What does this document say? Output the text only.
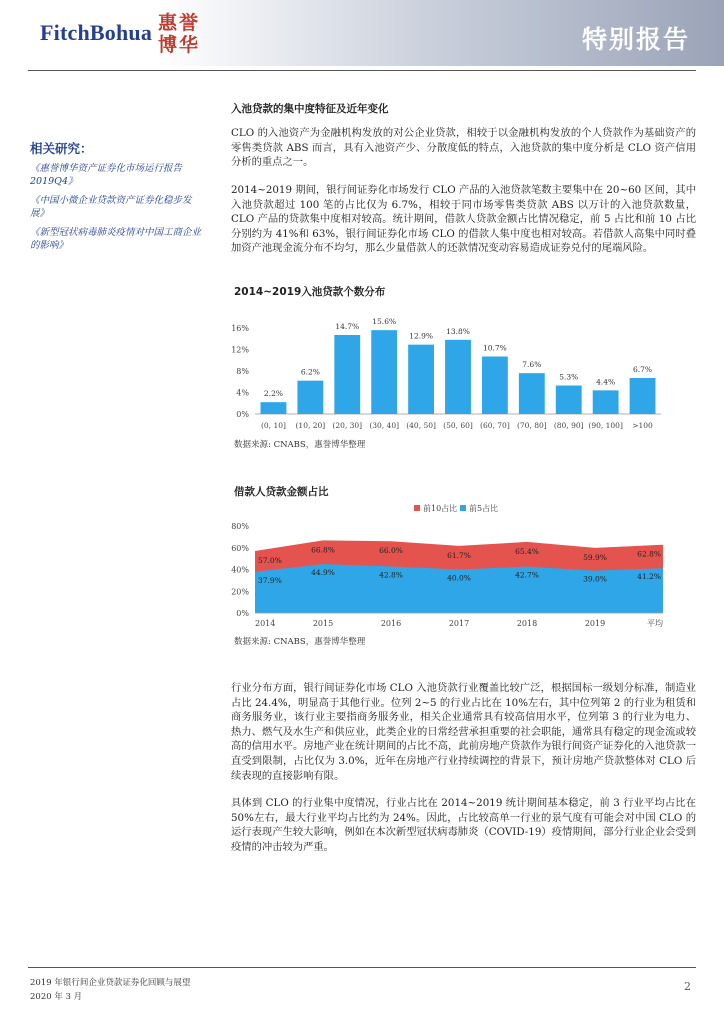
FitchBohua 惠誉
博华	特别报告
相关研究：
《惠誉博华资产证券化市场运行报告2019Q4》
《中国小微企业贷款资产证券化稳步发展》
《新型冠状病毒肺炎疫情对中国工商企业的影响》
入池贷款的集中度特征及近年变化
CLO 的入池资产为金融机构发放的对公企业贷款，相较于以金融机构发放的个人贷款作为基础资产的零售类贷款 ABS 而言，具有入池资产少、分散度低的特点，入池贷款的集中度分析是 CLO 资产信用分析的重点之一。
2014~2019 期间，银行间证券化市场发行 CLO 产品的入池贷款笔数主要集中在 20~60 区间，其中入池贷款超过 100 笔的占比仅为 6.7%，相较于同市场零售类贷款 ABS 以万计的入池贷款数量，CLO 产品的贷款集中度相对较高。统计期间，借款人贷款金额占比情况稳定，前 5 占比和前 10 占比分别约为 41%和 63%，银行间证券化市场 CLO 的借款人集中度也相对较高。若借款人高集中同时叠加资产池现金流分布不均匀，那么少量借款人的还款情况变动容易造成证券兑付的尾端风险。
2014~2019入池贷款个数分布
0%
4%
8%
12%
16%
2.2%
(0, 10]
6.2%
(10, 20]
14.7%
(20, 30]
15.6%
(30, 40]
12.9%
(40, 50]
13.8%
(50, 60]
10.7%
(60, 70]
7.6%
(70, 80]
5.3%
(80, 90]
4.4%
(90, 100]
6.7%
>100
数据来源: CNABS，惠誉博华整理
借款人贷款金额占比
前10占比 前5占比
0%
20%
40%
60%
80%
57.0%
66.8%	66.0%
61.7%	65.4%
59.9%	62.8%
37.9%
44.9%	42.8%	40.0%	42.7%	39.0%	41.2%
2014	2015	2016	2017	2018	2019	平均
数据来源: CNABS，惠誉博华整理
行业分布方面，银行间证券化市场 CLO 入池贷款行业覆盖比较广泛，根据国标一级划分标准，制造业占比 24.4%，明显高于其他行业。位列 2~5 的行业占比在 10%左右，其中位列第 2 的行业为租赁和商务服务业，该行业主要指商务服务业，相关企业通常具有较高信用水平，位列第 3 的行业为电力、热力、燃气及水生产和供应业，此类企业的日常经营承担重要的社会职能，通常具有稳定的现金流或较高的信用水平。房地产业在统计期间的占比不高，此前房地产贷款作为银行间资产证券化的入池贷款一直受到限制，占比仅为 3.0%，近年在房地产行业持续调控的背景下，预计房地产贷款整体对 CLO 后续表现的直接影响有限。
具体到 CLO 的行业集中度情况，行业占比在 2014~2019 统计期间基本稳定，前 3 行业平均占比在 50%左右，最大行业平均占比约为 24%。因此，占比较高单一行业的景气度有可能会对中国 CLO 的运行表现产生较大影响，例如在本次新型冠状病毒肺炎（COVID-19）疫情期间，部分行业企业会受到疫情的冲击较为严重。
2019 年银行间企业贷款证券化回顾与展望
2020 年 3 月
2
